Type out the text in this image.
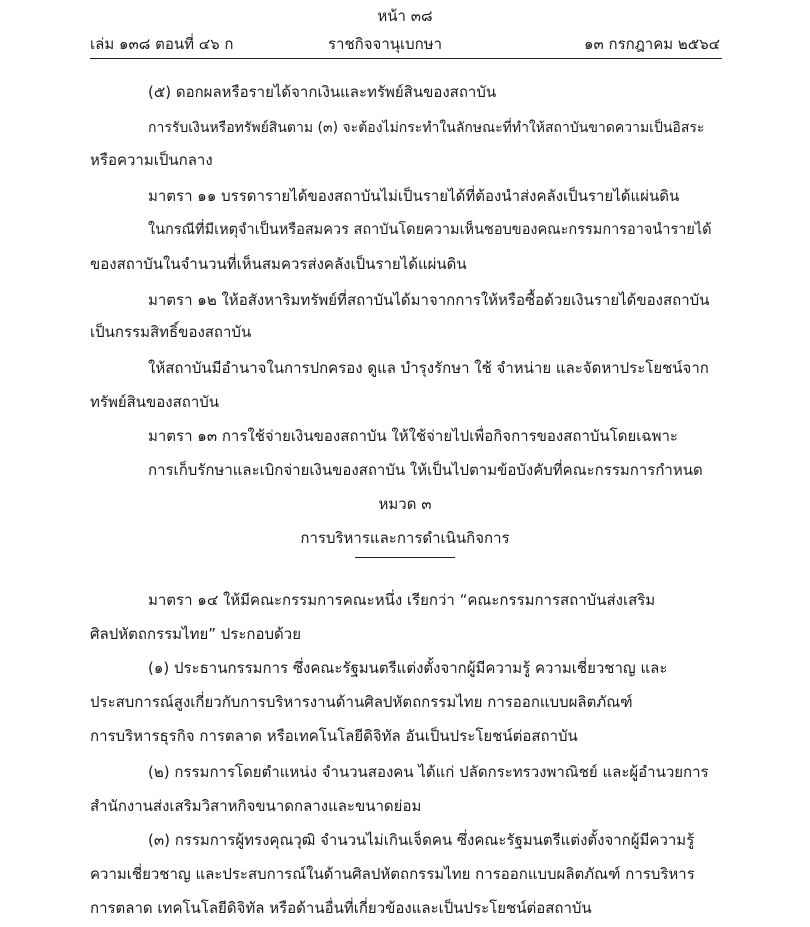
หน้า ๓๘
เล่ม ๑๓๘ ตอนที่ ๔๖ ก	ราชกิจจานุเบกษา	๑๓ กรกฎาคม ๒๕๖๔
(๕) ดอกผลหรือรายได้จากเงินและทรัพย์สินของสถาบัน
การรับเงินหรือทรัพย์สินตาม (๓) จะต้องไม่กระทำในลักษณะที่ทำให้สถาบันขาดความเป็นอิสระ
หรือความเป็นกลาง
มาตรา ๑๑ บรรดารายได้ของสถาบันไม่เป็นรายได้ที่ต้องนำส่งคลังเป็นรายได้แผ่นดิน
ในกรณีที่มีเหตุจำเป็นหรือสมควร สถาบันโดยความเห็นชอบของคณะกรรมการอาจนำรายได้
ของสถาบันในจำนวนที่เห็นสมควรส่งคลังเป็นรายได้แผ่นดิน
มาตรา ๑๒ ให้อสังหาริมทรัพย์ที่สถาบันได้มาจากการให้หรือซื้อด้วยเงินรายได้ของสถาบัน
เป็นกรรมสิทธิ์ของสถาบัน
ให้สถาบันมีอำนาจในการปกครอง ดูแล บำรุงรักษา ใช้ จำหน่าย และจัดหาประโยชน์จาก
ทรัพย์สินของสถาบัน
มาตรา ๑๓ การใช้จ่ายเงินของสถาบัน ให้ใช้จ่ายไปเพื่อกิจการของสถาบันโดยเฉพาะ
การเก็บรักษาและเบิกจ่ายเงินของสถาบัน ให้เป็นไปตามข้อบังคับที่คณะกรรมการกำหนด
หมวด ๓
การบริหารและการดำเนินกิจการ
มาตรา ๑๔ ให้มีคณะกรรมการคณะหนึ่ง เรียกว่า “คณะกรรมการสถาบันส่งเสริม
ศิลปหัตถกรรมไทย” ประกอบด้วย
(๑) ประธานกรรมการ ซึ่งคณะรัฐมนตรีแต่งตั้งจากผู้มีความรู้ ความเชี่ยวชาญ และ
ประสบการณ์สูงเกี่ยวกับการบริหารงานด้านศิลปหัตถกรรมไทย การออกแบบผลิตภัณฑ์
การบริหารธุรกิจ การตลาด หรือเทคโนโลยีดิจิทัล อันเป็นประโยชน์ต่อสถาบัน
(๒) กรรมการโดยตำแหน่ง จำนวนสองคน ได้แก่ ปลัดกระทรวงพาณิชย์ และผู้อำนวยการ
สำนักงานส่งเสริมวิสาหกิจขนาดกลางและขนาดย่อม
(๓) กรรมการผู้ทรงคุณวุฒิ จำนวนไม่เกินเจ็ดคน ซึ่งคณะรัฐมนตรีแต่งตั้งจากผู้มีความรู้
ความเชี่ยวชาญ และประสบการณ์ในด้านศิลปหัตถกรรมไทย การออกแบบผลิตภัณฑ์ การบริหาร
การตลาด เทคโนโลยีดิจิทัล หรือด้านอื่นที่เกี่ยวข้องและเป็นประโยชน์ต่อสถาบัน
